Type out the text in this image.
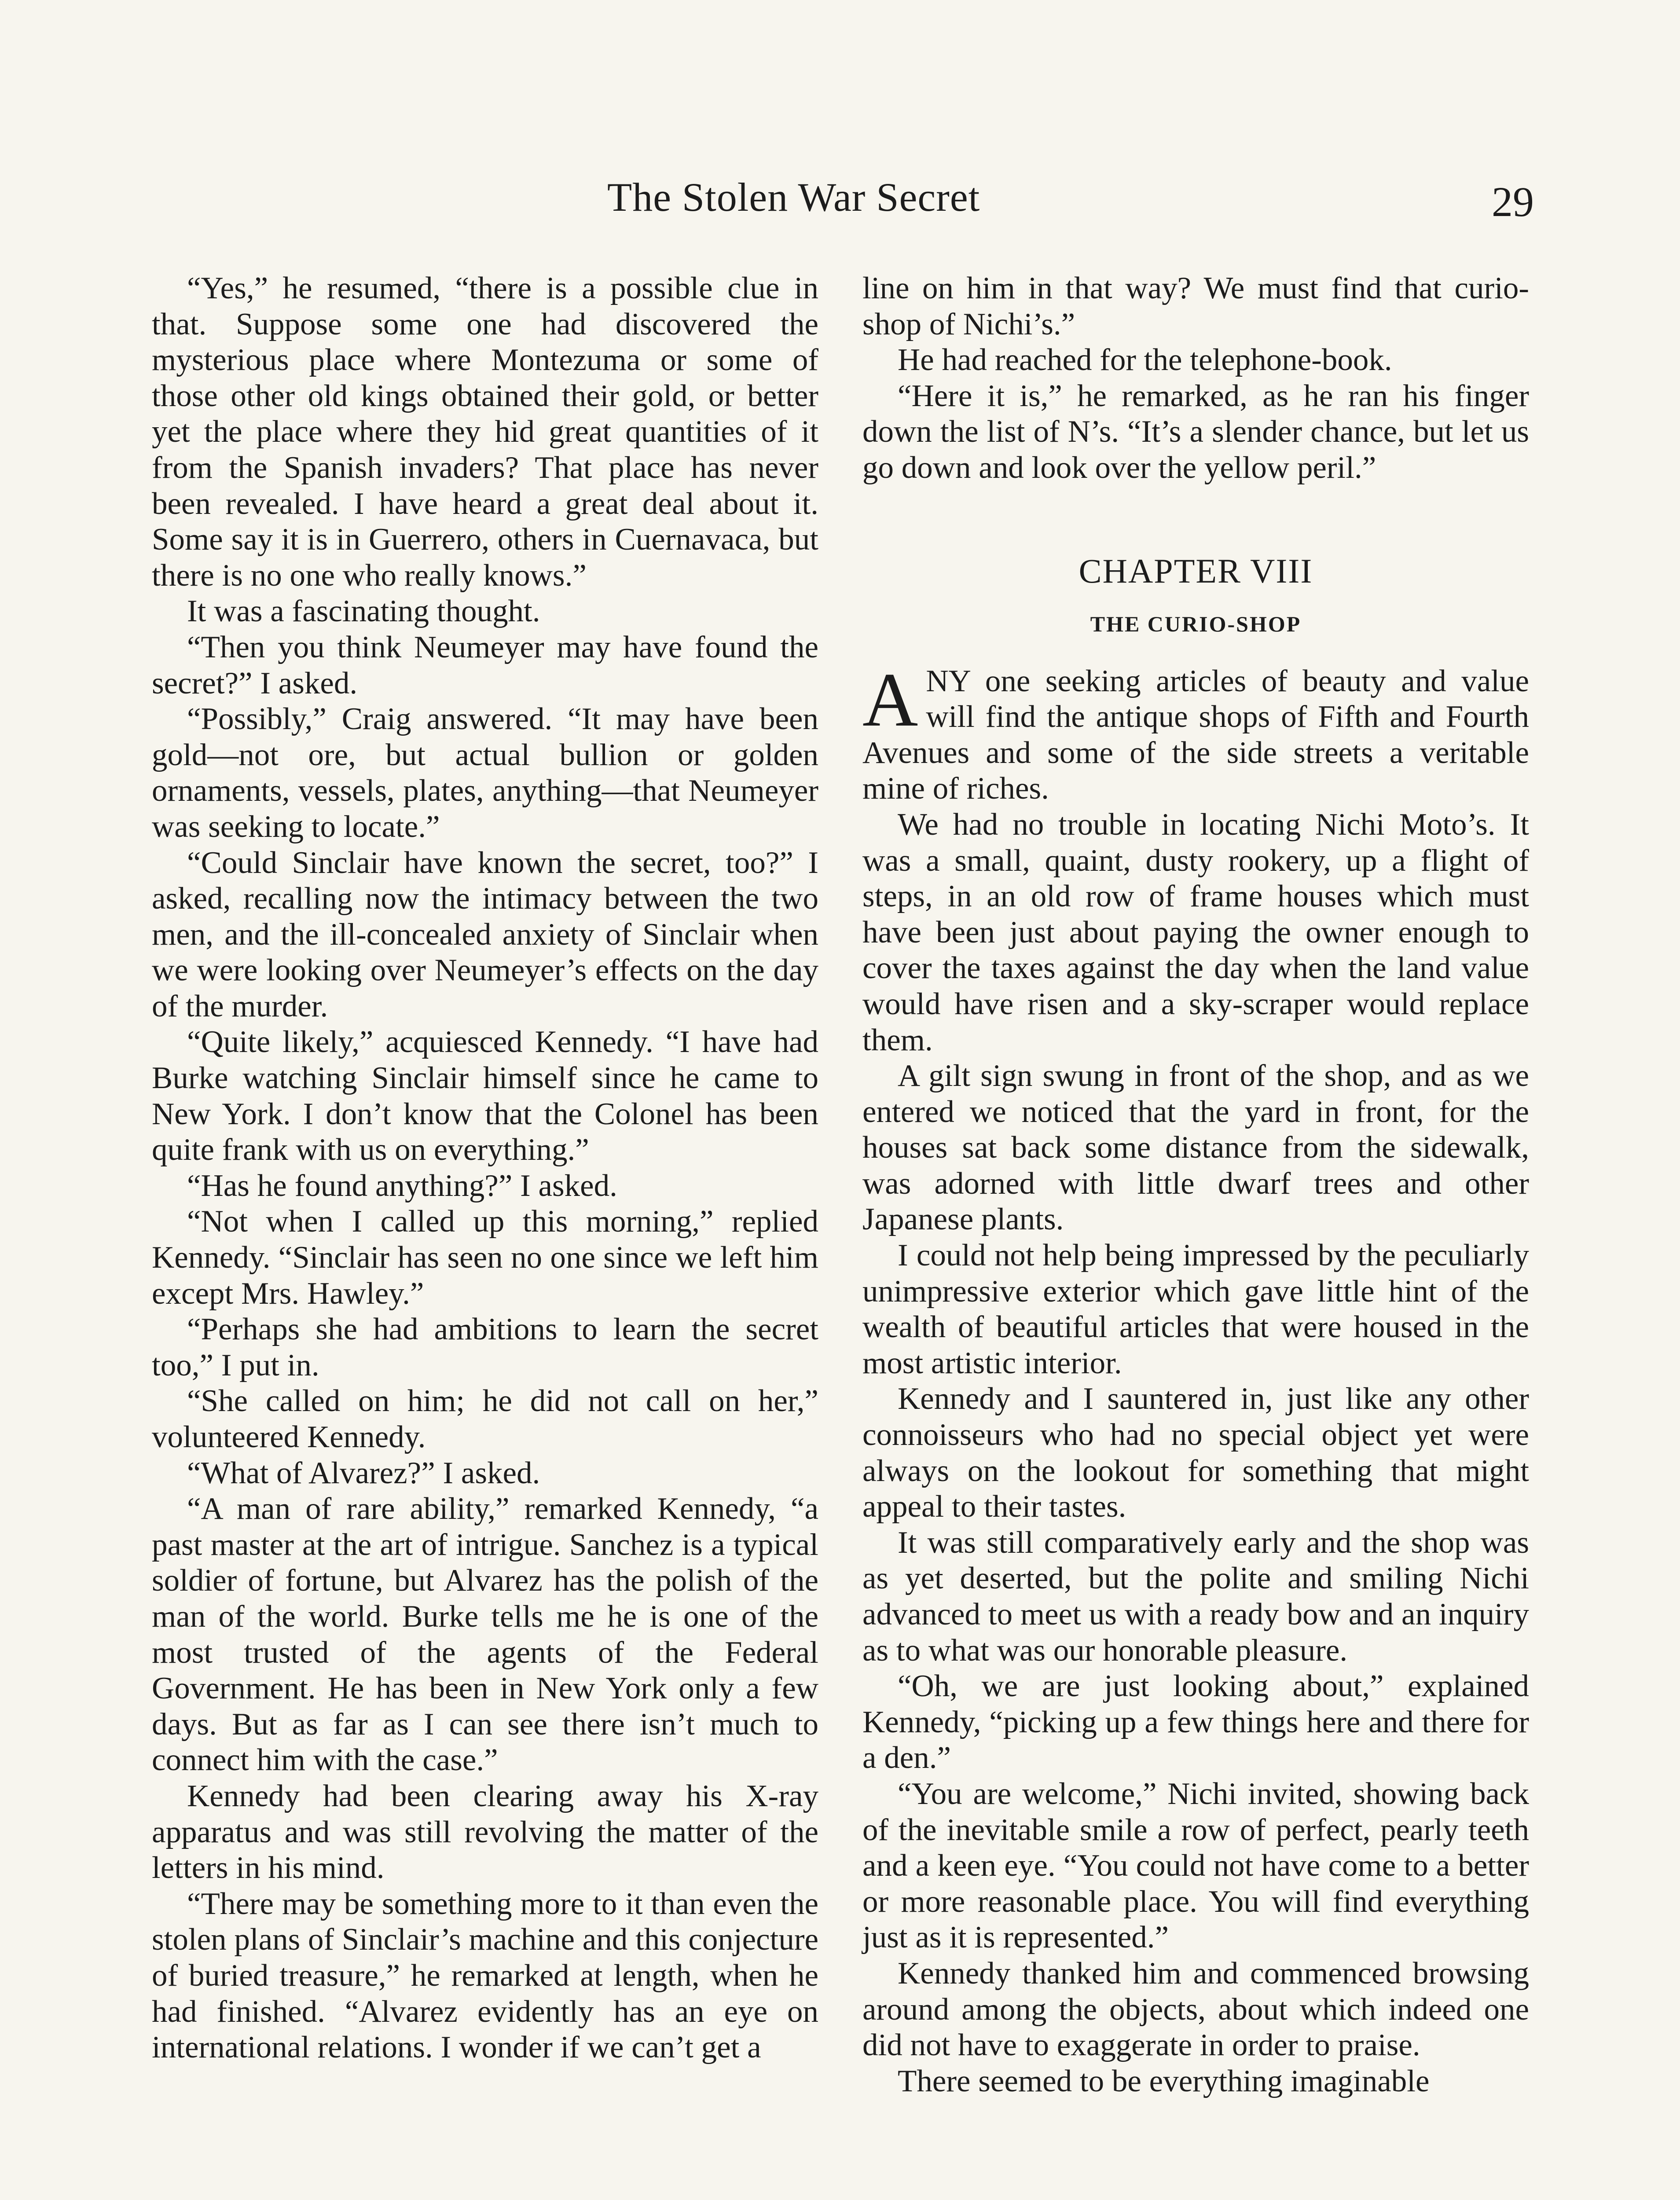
The Stolen War Secret	29

“Yes,” he resumed, “there is a possible clue in that. Suppose some one had discovered the mysterious place where Montezuma or some of those other old kings obtained their gold, or better yet the place where they hid great quantities of it from the Spanish invaders? That place has never been revealed. I have heard a great deal about it. Some say it is in Guerrero, others in Cuernavaca, but there is no one who really knows.”

It was a fascinating thought.

“Then you think Neumeyer may have found the secret?” I asked.

“Possibly,” Craig answered. “It may have been gold—not ore, but actual bullion or golden ornaments, vessels, plates, anything—that Neumeyer was seeking to locate.”

“Could Sinclair have known the secret, too?” I asked, recalling now the intimacy between the two men, and the ill-concealed anxiety of Sinclair when we were looking over Neumeyer’s effects on the day of the murder.

“Quite likely,” acquiesced Kennedy. “I have had Burke watching Sinclair himself since he came to New York. I don’t know that the Colonel has been quite frank with us on everything.”

“Has he found anything?” I asked.

“Not when I called up this morning,” replied Kennedy. “Sinclair has seen no one since we left him except Mrs. Hawley.”

“Perhaps she had ambitions to learn the secret too,” I put in.

“She called on him; he did not call on her,” volunteered Kennedy.

“What of Alvarez?” I asked.

“A man of rare ability,” remarked Kennedy, “a past master at the art of intrigue. Sanchez is a typical soldier of fortune, but Alvarez has the polish of the man of the world. Burke tells me he is one of the most trusted of the agents of the Federal Government. He has been in New York only a few days. But as far as I can see there isn’t much to connect him with the case.”

Kennedy had been clearing away his X-ray apparatus and was still revolving the matter of the letters in his mind.

“There may be something more to it than even the stolen plans of Sinclair’s machine and this conjecture of buried treasure,” he remarked at length, when he had finished. “Alvarez evidently has an eye on international relations. I wonder if we can’t get a

line on him in that way? We must find that curio-shop of Nichi’s.”

He had reached for the telephone-book.

“Here it is,” he remarked, as he ran his finger down the list of N’s. “It’s a slender chance, but let us go down and look over the yellow peril.”

CHAPTER VIII
THE CURIO-SHOP

ANY one seeking articles of beauty and value will find the antique shops of Fifth and Fourth Avenues and some of the side streets a veritable mine of riches.

We had no trouble in locating Nichi Moto’s. It was a small, quaint, dusty rookery, up a flight of steps, in an old row of frame houses which must have been just about paying the owner enough to cover the taxes against the day when the land value would have risen and a sky-scraper would replace them.

A gilt sign swung in front of the shop, and as we entered we noticed that the yard in front, for the houses sat back some distance from the sidewalk, was adorned with little dwarf trees and other Japanese plants.

I could not help being impressed by the peculiarly unimpressive exterior which gave little hint of the wealth of beautiful articles that were housed in the most artistic interior.

Kennedy and I sauntered in, just like any other connoisseurs who had no special object yet were always on the lookout for something that might appeal to their tastes.

It was still comparatively early and the shop was as yet deserted, but the polite and smiling Nichi advanced to meet us with a ready bow and an inquiry as to what was our honorable pleasure.

“Oh, we are just looking about,” explained Kennedy, “picking up a few things here and there for a den.”

“You are welcome,” Nichi invited, showing back of the inevitable smile a row of perfect, pearly teeth and a keen eye. “You could not have come to a better or more reasonable place. You will find everything just as it is represented.”

Kennedy thanked him and commenced browsing around among the objects, about which indeed one did not have to exaggerate in order to praise.

There seemed to be everything imaginable
